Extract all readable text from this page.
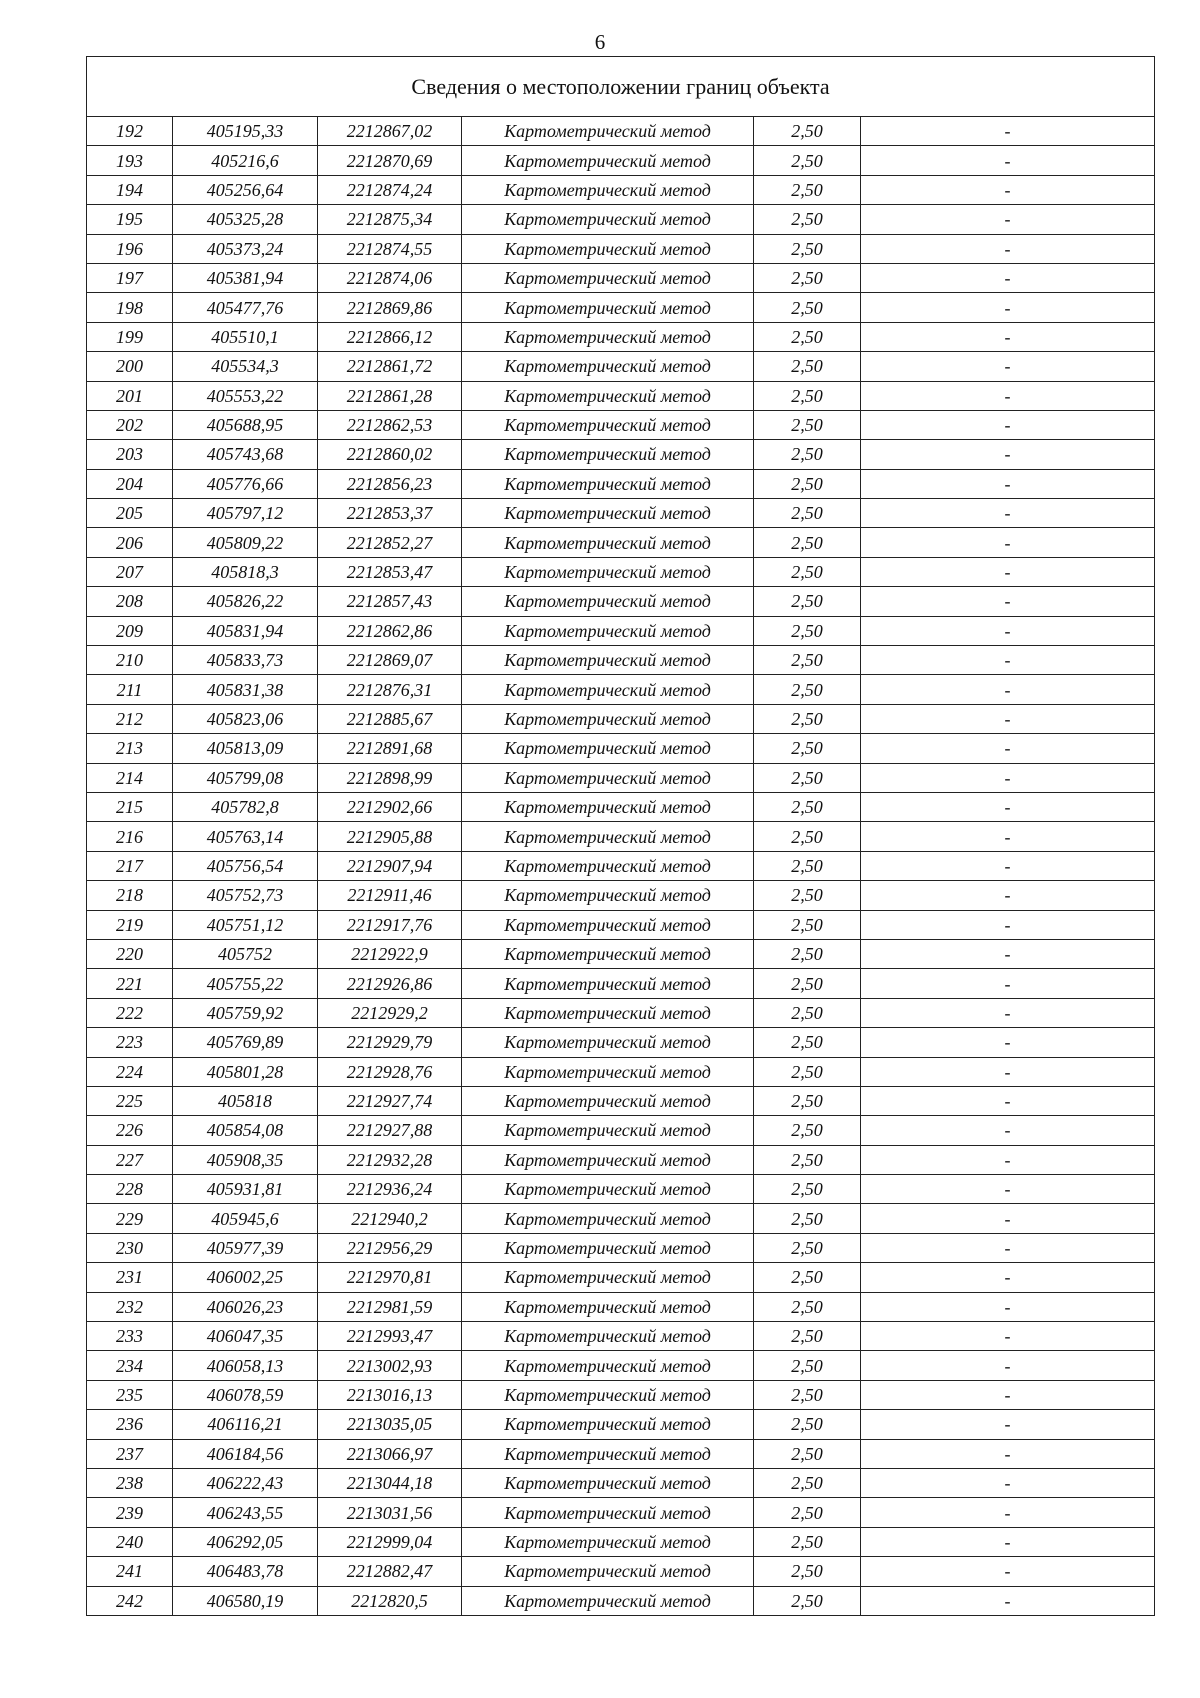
6
Сведения о местоположении границ объекта					
192	405195,33	2212867,02	Картометрический метод	2,50	-
193	405216,6	2212870,69	Картометрический метод	2,50	-
194	405256,64	2212874,24	Картометрический метод	2,50	-
195	405325,28	2212875,34	Картометрический метод	2,50	-
196	405373,24	2212874,55	Картометрический метод	2,50	-
197	405381,94	2212874,06	Картометрический метод	2,50	-
198	405477,76	2212869,86	Картометрический метод	2,50	-
199	405510,1	2212866,12	Картометрический метод	2,50	-
200	405534,3	2212861,72	Картометрический метод	2,50	-
201	405553,22	2212861,28	Картометрический метод	2,50	-
202	405688,95	2212862,53	Картометрический метод	2,50	-
203	405743,68	2212860,02	Картометрический метод	2,50	-
204	405776,66	2212856,23	Картометрический метод	2,50	-
205	405797,12	2212853,37	Картометрический метод	2,50	-
206	405809,22	2212852,27	Картометрический метод	2,50	-
207	405818,3	2212853,47	Картометрический метод	2,50	-
208	405826,22	2212857,43	Картометрический метод	2,50	-
209	405831,94	2212862,86	Картометрический метод	2,50	-
210	405833,73	2212869,07	Картометрический метод	2,50	-
211	405831,38	2212876,31	Картометрический метод	2,50	-
212	405823,06	2212885,67	Картометрический метод	2,50	-
213	405813,09	2212891,68	Картометрический метод	2,50	-
214	405799,08	2212898,99	Картометрический метод	2,50	-
215	405782,8	2212902,66	Картометрический метод	2,50	-
216	405763,14	2212905,88	Картометрический метод	2,50	-
217	405756,54	2212907,94	Картометрический метод	2,50	-
218	405752,73	2212911,46	Картометрический метод	2,50	-
219	405751,12	2212917,76	Картометрический метод	2,50	-
220	405752	2212922,9	Картометрический метод	2,50	-
221	405755,22	2212926,86	Картометрический метод	2,50	-
222	405759,92	2212929,2	Картометрический метод	2,50	-
223	405769,89	2212929,79	Картометрический метод	2,50	-
224	405801,28	2212928,76	Картометрический метод	2,50	-
225	405818	2212927,74	Картометрический метод	2,50	-
226	405854,08	2212927,88	Картометрический метод	2,50	-
227	405908,35	2212932,28	Картометрический метод	2,50	-
228	405931,81	2212936,24	Картометрический метод	2,50	-
229	405945,6	2212940,2	Картометрический метод	2,50	-
230	405977,39	2212956,29	Картометрический метод	2,50	-
231	406002,25	2212970,81	Картометрический метод	2,50	-
232	406026,23	2212981,59	Картометрический метод	2,50	-
233	406047,35	2212993,47	Картометрический метод	2,50	-
234	406058,13	2213002,93	Картометрический метод	2,50	-
235	406078,59	2213016,13	Картометрический метод	2,50	-
236	406116,21	2213035,05	Картометрический метод	2,50	-
237	406184,56	2213066,97	Картометрический метод	2,50	-
238	406222,43	2213044,18	Картометрический метод	2,50	-
239	406243,55	2213031,56	Картометрический метод	2,50	-
240	406292,05	2212999,04	Картометрический метод	2,50	-
241	406483,78	2212882,47	Картометрический метод	2,50	-
242	406580,19	2212820,5	Картометрический метод	2,50	-
